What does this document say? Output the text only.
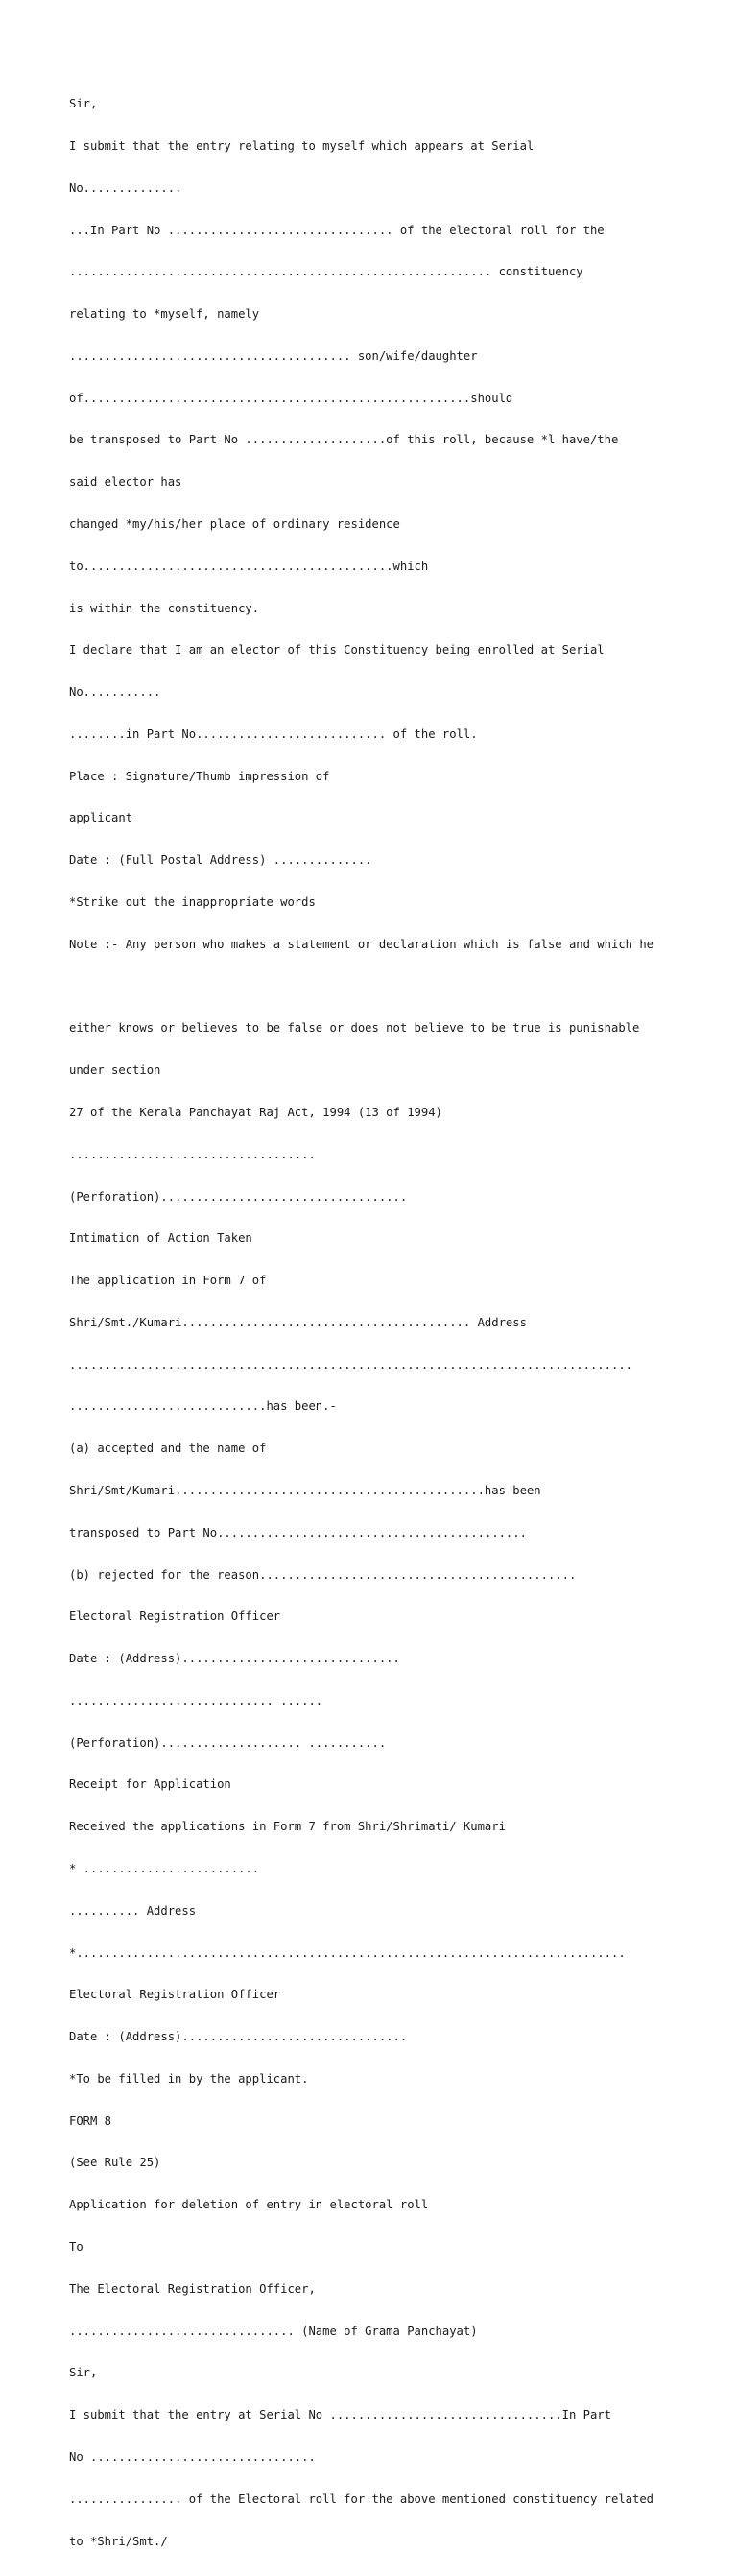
Sir,

I submit that the entry relating to myself which appears at Serial

No..............

...In Part No ................................ of the electoral roll for the

............................................................ constituency

relating to *myself, namely

........................................ son/wife/daughter

of.......................................................should

be transposed to Part No ....................of this roll, because *l have/the

said elector has

changed *my/his/her place of ordinary residence

to............................................which

is within the constituency.

I declare that I am an elector of this Constituency being enrolled at Serial

No...........

........in Part No........................... of the roll.

Place : Signature/Thumb impression of

applicant

Date : (Full Postal Address) ..............

*Strike out the inappropriate words

Note :- Any person who makes a statement or declaration which is false and which he

either knows or believes to be false or does not believe to be true is punishable

under section

27 of the Kerala Panchayat Raj Act, 1994 (13 of 1994)

...................................

(Perforation)...................................

Intimation of Action Taken

The application in Form 7 of

Shri/Smt./Kumari......................................... Address

................................................................................

............................has been.-

(a) accepted and the name of

Shri/Smt/Kumari............................................has been

transposed to Part No............................................

(b) rejected for the reason.............................................

Electoral Registration Officer

Date : (Address)...............................

............................. ......

(Perforation).................... ...........

Receipt for Application

Received the applications in Form 7 from Shri/Shrimati/ Kumari

* .........................

.......... Address

*..............................................................................

Electoral Registration Officer

Date : (Address)................................

*To be filled in by the applicant.

FORM 8

(See Rule 25)

Application for deletion of entry in electoral roll

To

The Electoral Registration Officer,

................................ (Name of Grama Panchayat)

Sir,

I submit that the entry at Serial No .................................In Part

No ................................

................ of the Electoral roll for the above mentioned constituency related

to *Shri/Smt./
